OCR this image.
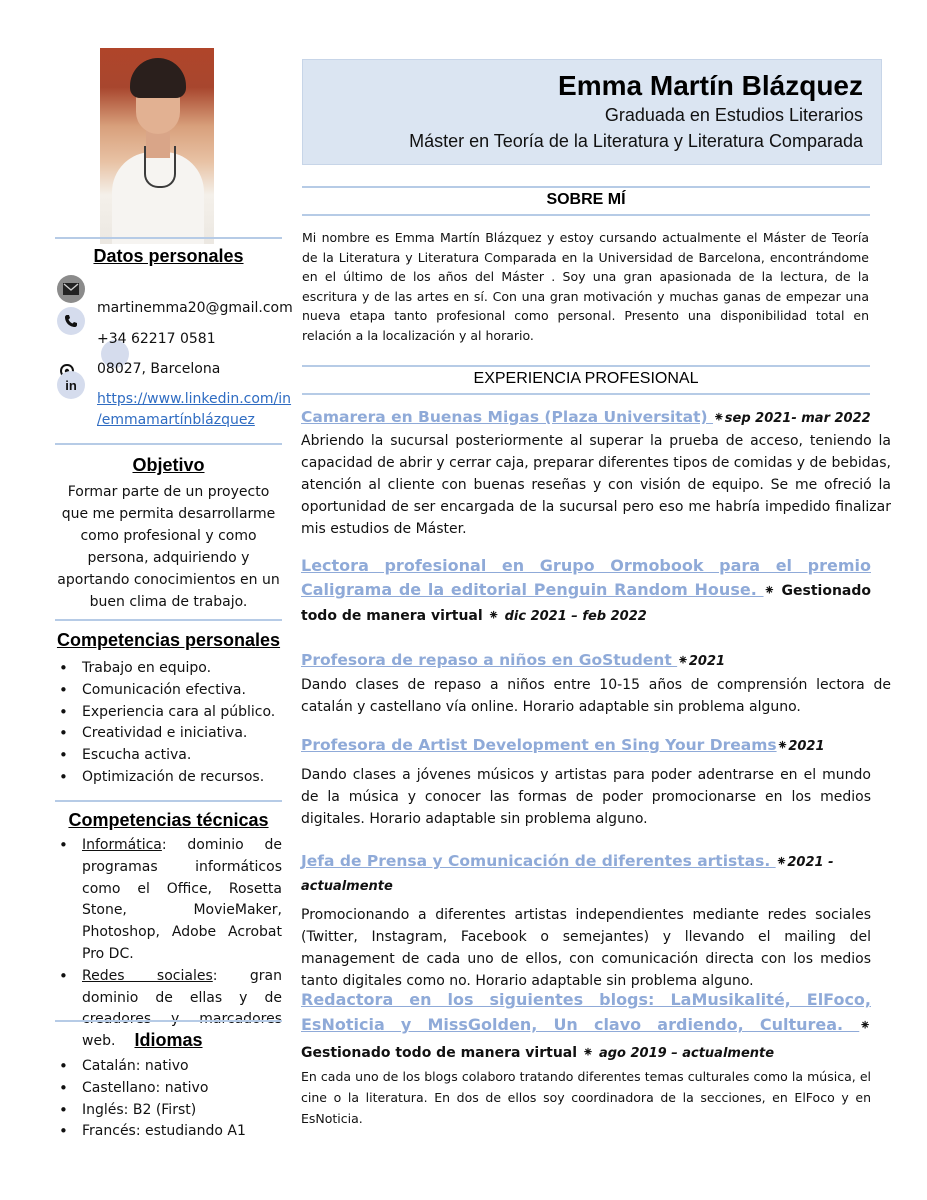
Datos personales
in
martinemma20@gmail.com
+34 62217 0581
08027, Barcelona
https://www.linkedin.com/in
/emmamartínblázquez
Objetivo
Formar parte de un proyecto que me permita desarrollarme como profesional y como persona, adquiriendo y aportando conocimientos en un buen clima de trabajo.
Competencias personales
• Trabajo en equipo.
• Comunicación efectiva.
• Experiencia cara al público.
• Creatividad e iniciativa.
• Escucha activa.
• Optimización de recursos.
Competencias técnicas
• Informática: dominio de programas informáticos como el Office, Rosetta Stone, MovieMaker, Photoshop, Adobe Acrobat Pro DC.
• Redes sociales: gran dominio de ellas y de web.	Idiomas
• Catalán: nativo
• Castellano: nativo
• Inglés: B2 (First)
• Francés: estudiando A1
Emma Martín Blázquez
Graduada en Estudios Literarios
Máster en Teoría de la Literatura y Literatura Comparada
SOBRE MÍ
Mi nombre es Emma Martín Blázquez y estoy cursando actualmente el Máster de Teoría de la Literatura y Literatura Comparada en la Universidad de Barcelona, encontrándome en el último de los años del Máster . Soy una gran apasionada de la lectura, de la escritura y de las artes en sí. Con una gran motivación y muchas ganas de empezar una nueva etapa tanto profesional como personal. Presento una disponibilidad total en relación a la localización y al horario.
EXPERIENCIA PROFESIONAL
Camarera en Buenas Migas (Plaza Universitat) ⁕sep 2021- mar 2022
Abriendo la sucursal posteriormente al superar la prueba de acceso, teniendo la capacidad de abrir y cerrar caja, preparar diferentes tipos de comidas y de bebidas, atención al cliente con buenas reseñas y con visión de equipo. Se me ofreció la oportunidad de ser encargada de la sucursal pero eso me habría impedido finalizar mis estudios de Máster.
Lectora profesional en Grupo Ormobook para el premio Caligrama de la editorial Penguin Random House. ⁕ Gestionado todo de manera virtual ⁕ dic 2021 – feb 2022
Profesora de repaso a niños en GoStudent ⁕2021
Dando clases de repaso a niños entre 10-15 años de comprensión lectora de catalán y castellano vía online. Horario adaptable sin problema alguno.
Profesora de Artist Development en Sing Your Dreams⁕2021
Dando clases a jóvenes músicos y artistas para poder adentrarse en el mundo de la música y conocer las formas de poder promocionarse en los medios digitales. Horario adaptable sin problema alguno.
Jefa de Prensa y Comunicación de diferentes artistas. ⁕2021 - actualmente
Promocionando a diferentes artistas independientes mediante redes sociales (Twitter, Instagram, Facebook o semejantes) y llevando el mailing del management de cada uno de ellos, con comunicación directa con los medios tanto digitales como no. Horario adaptable sin problema alguno.
Redactora en los siguientes blogs: LaMusikalité, ElFoco, EsNoticia y MissGolden, Un clavo ardiendo, Culturea. ⁕ Gestionado todo de manera virtual ⁕ ago 2019 – actualmente
En cada uno de los blogs colaboro tratando diferentes temas culturales como la música, el cine o la literatura. En dos de ellos soy coordinadora de la secciones, en ElFoco y en EsNoticia.
